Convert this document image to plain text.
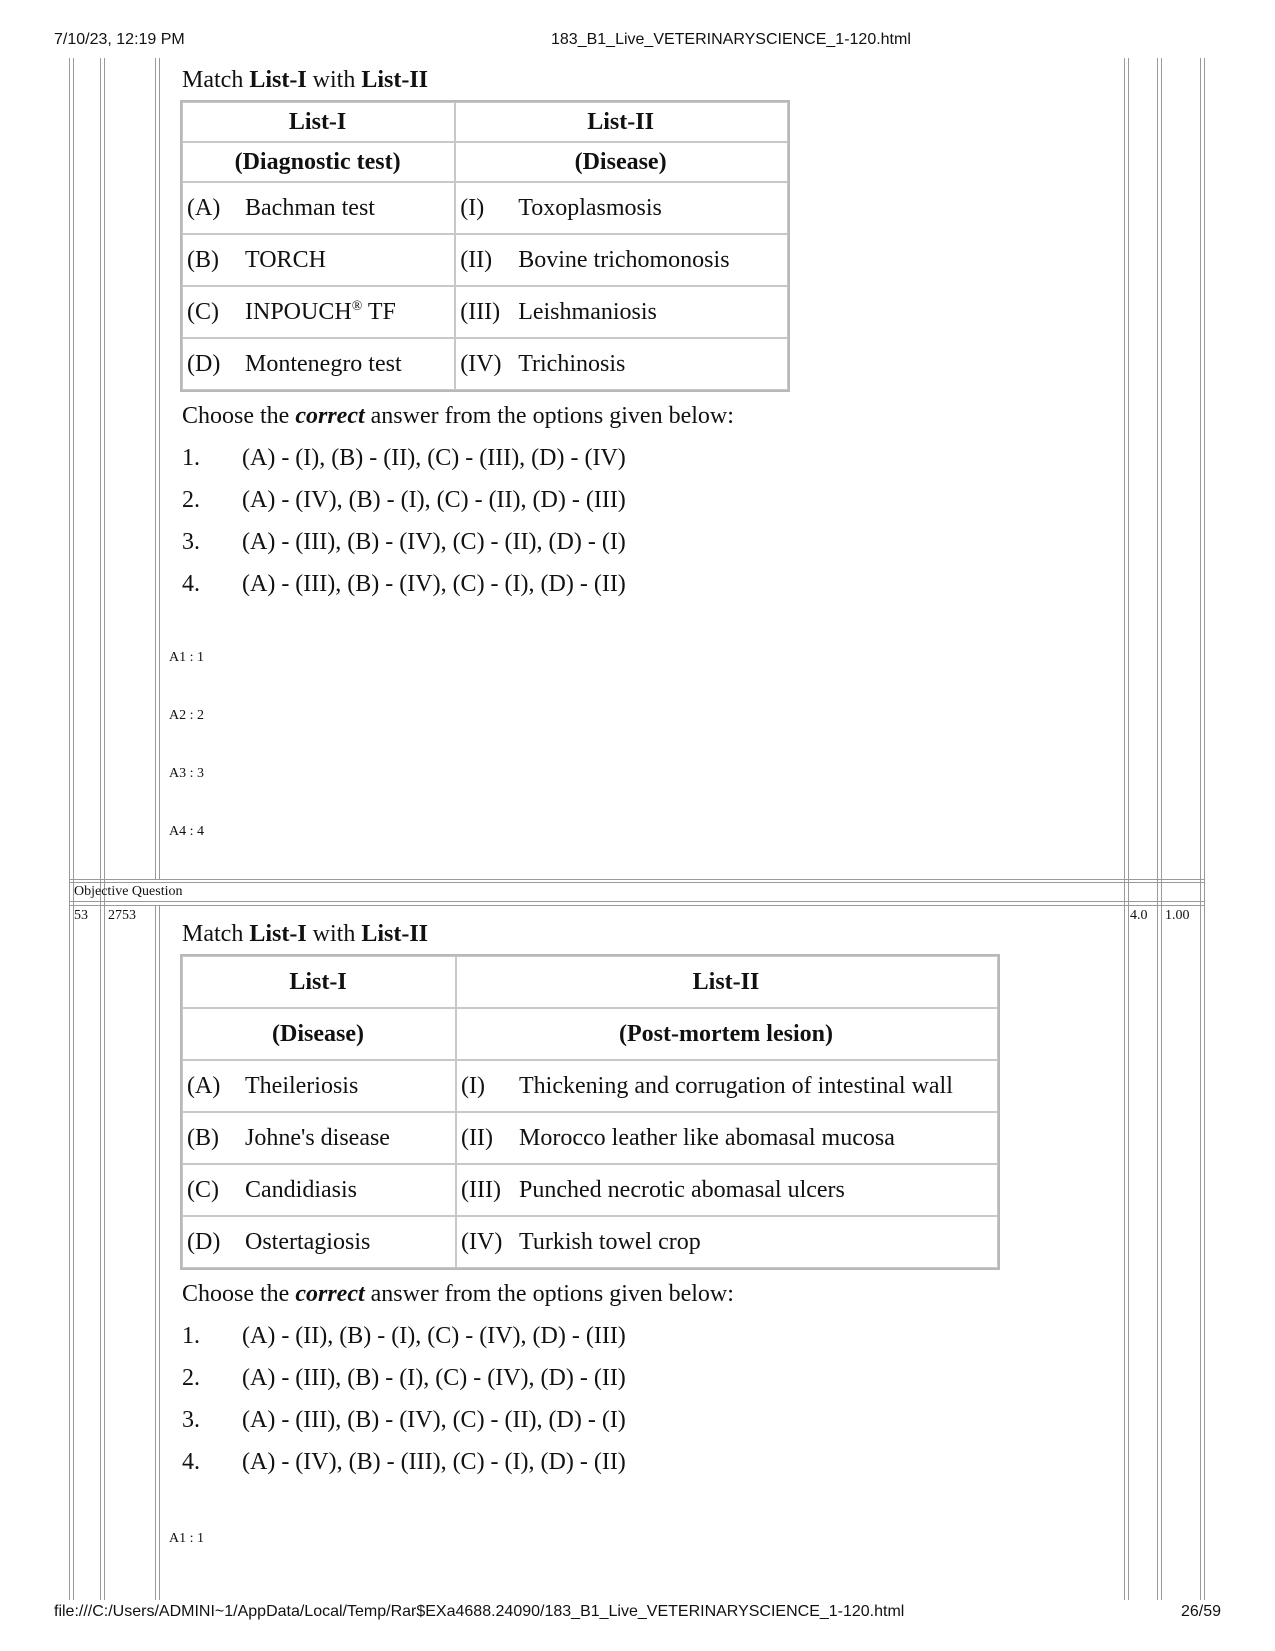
7/10/23, 12:19 PM	183_B1_Live_VETERINARYSCIENCE_1-120.html
file:///C:/Users/ADMINI~1/AppData/Local/Temp/Rar$EXa4688.24090/183_B1_Live_VETERINARYSCIENCE_1-120.html	26/59
Match List-I with List-II
List-I	List-II
(Diagnostic test)	(Disease)
(A) Bachman test	(I) Toxoplasmosis
(B) TORCH	(II) Bovine trichomonosis
(C) INPOUCH® TF	(III) Leishmaniosis
(D) Montenegro test	(IV) Trichinosis
Choose the correct answer from the options given below:
1.	(A) - (I), (B) - (II), (C) - (III), (D) - (IV)
2.	(A) - (IV), (B) - (I), (C) - (II), (D) - (III)
3.	(A) - (III), (B) - (IV), (C) - (II), (D) - (I)
4.	(A) - (III), (B) - (IV), (C) - (I), (D) - (II)
A1 : 1
A2 : 2
A3 : 3
A4 : 4
Objective Question
53 2753	4.0 1.00
Match List-I with List-II
List-I	List-II
(Disease)	(Post-mortem lesion)
(A) Theileriosis	(I) Thickening and corrugation of intestinal wall
(B) Johne's disease	(II) Morocco leather like abomasal mucosa
(C) Candidiasis	(III) Punched necrotic abomasal ulcers
(D) Ostertagiosis	(IV) Turkish towel crop
Choose the correct answer from the options given below:
1.	(A) - (II), (B) - (I), (C) - (IV), (D) - (III)
2.	(A) - (III), (B) - (I), (C) - (IV), (D) - (II)
3.	(A) - (III), (B) - (IV), (C) - (II), (D) - (I)
4.	(A) - (IV), (B) - (III), (C) - (I), (D) - (II)
A1 : 1
